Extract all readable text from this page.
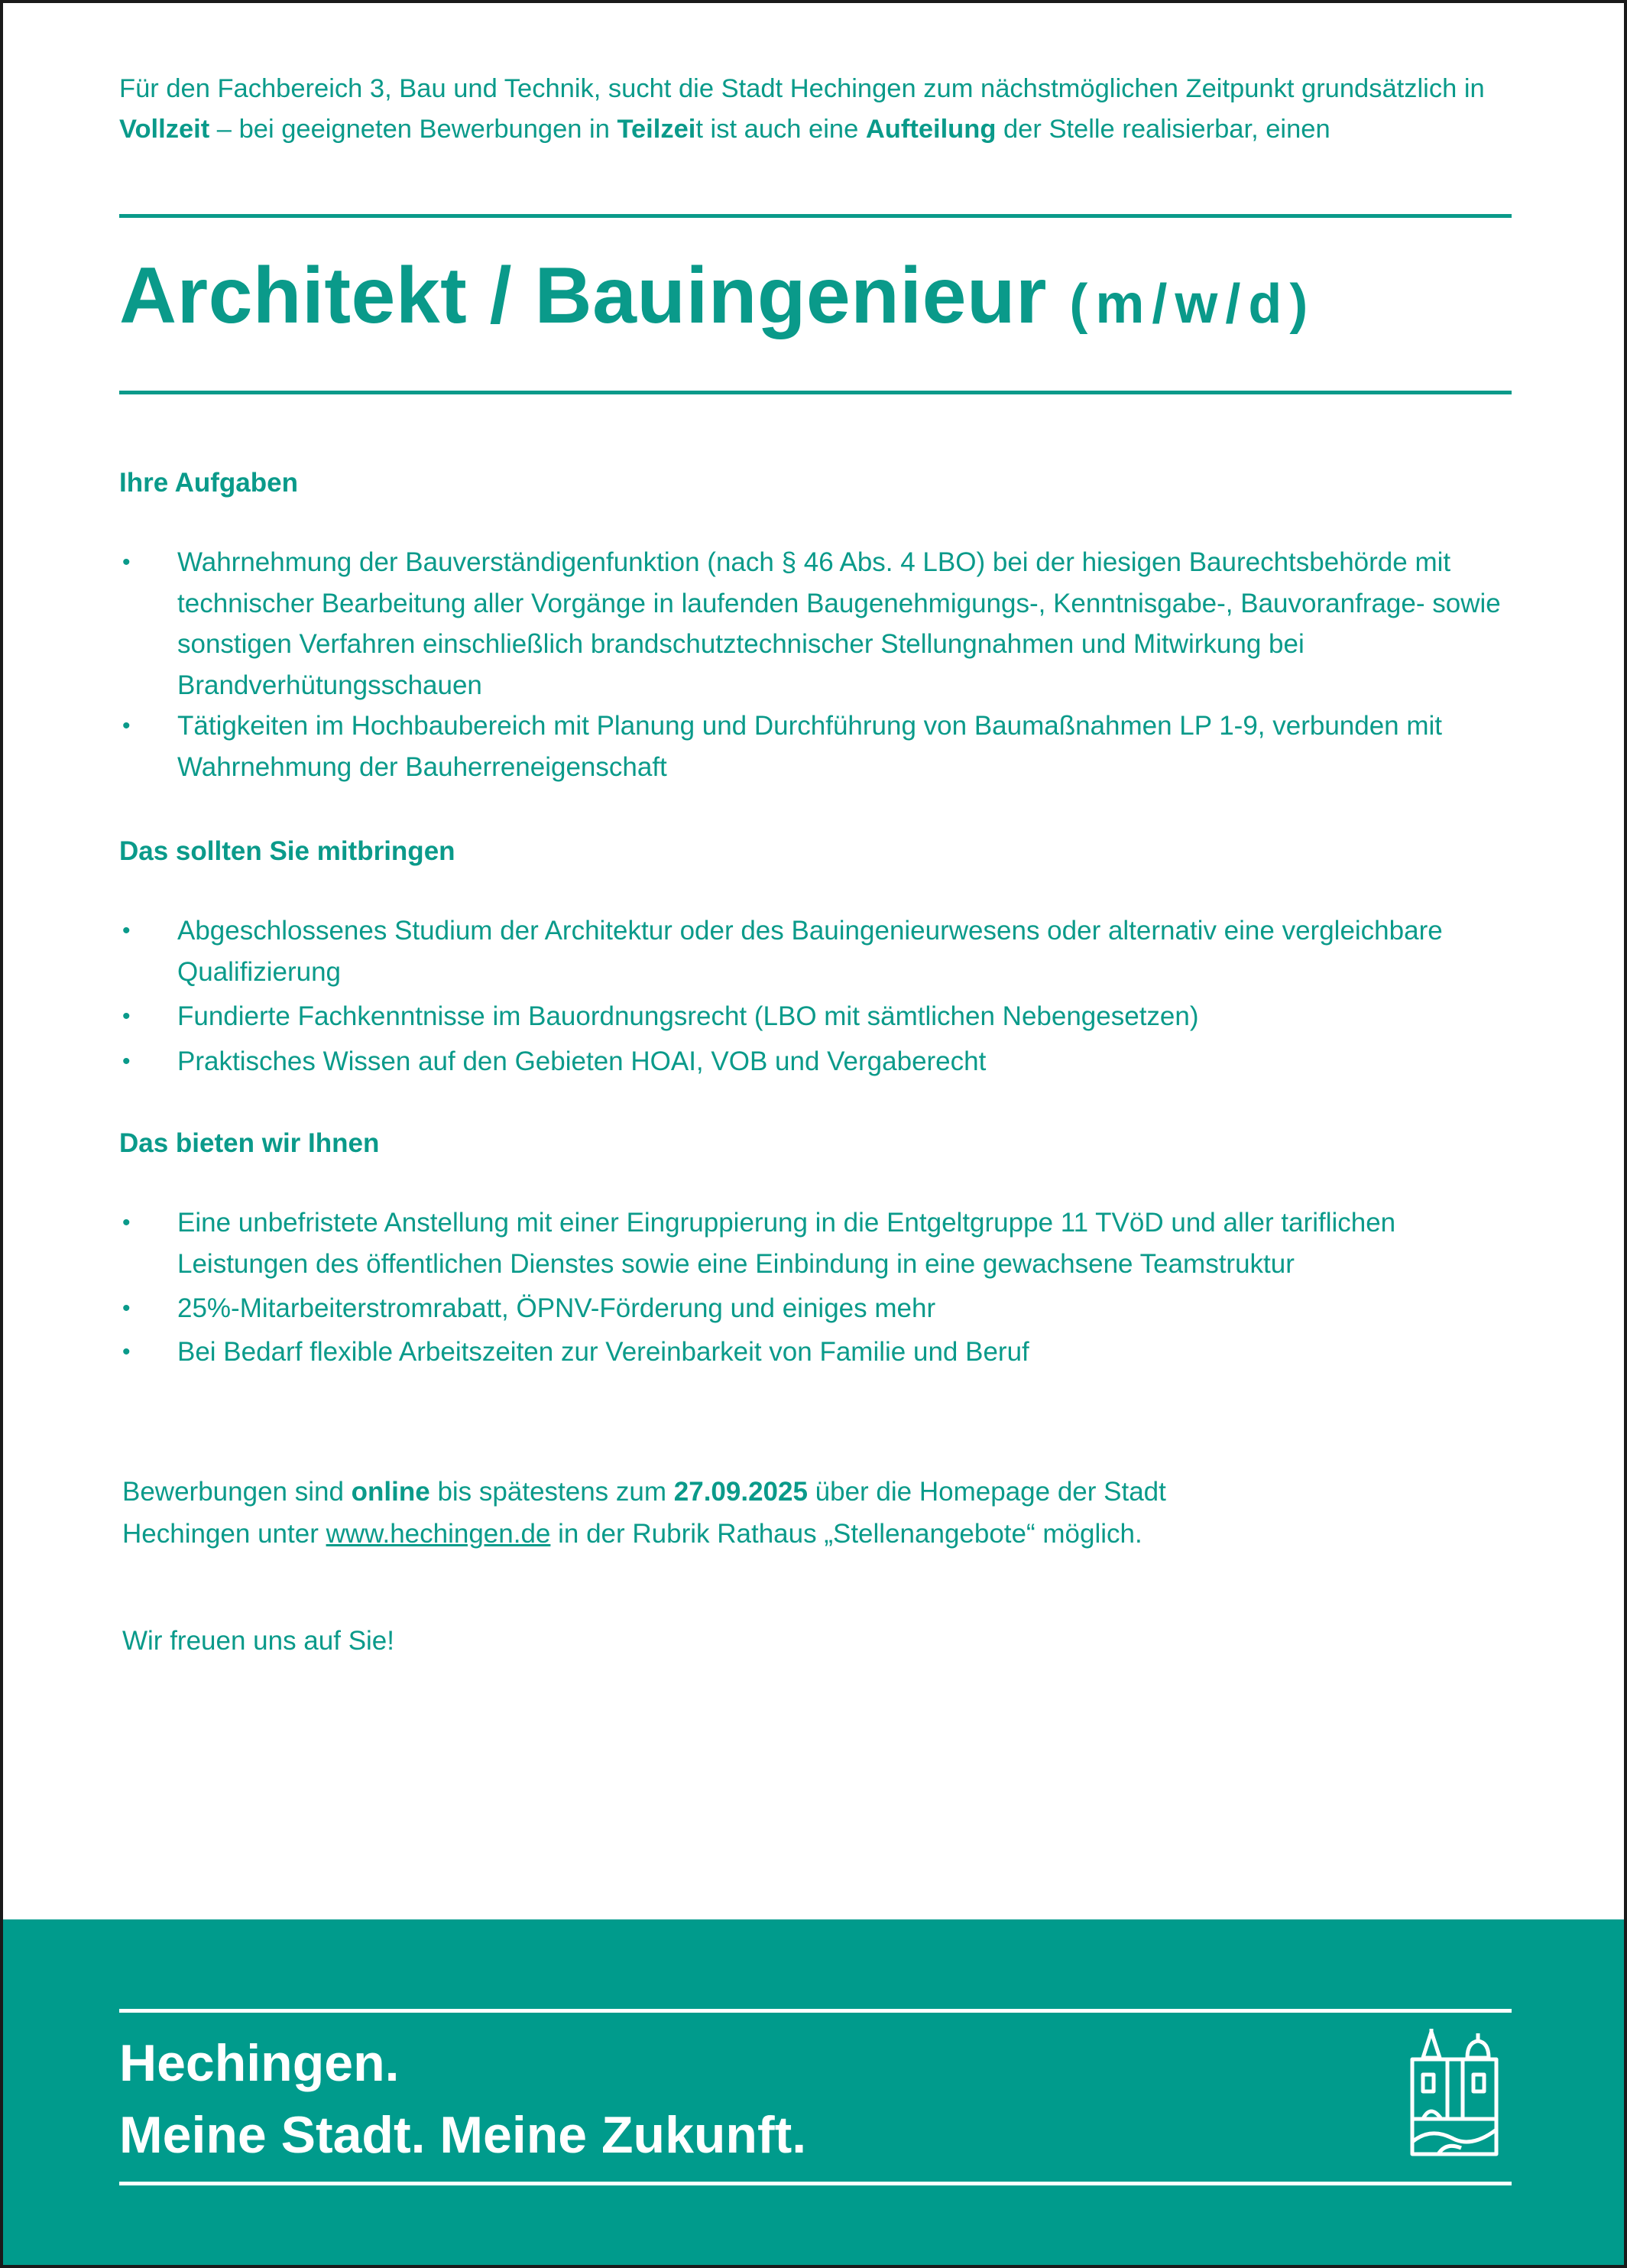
Für den Fachbereich 3, Bau und Technik, sucht die Stadt Hechingen zum nächstmöglichen Zeitpunkt grundsätzlich in Vollzeit – bei geeigneten Bewerbungen in Teilzeit ist auch eine Aufteilung der Stelle realisierbar, einen

Architekt / Bauingenieur (m/w/d)
Ihre Aufgaben
• Wahrnehmung der Bauverständigenfunktion (nach § 46 Abs. 4 LBO) bei der hiesigen Baurechtsbehörde mit technischer Bearbeitung aller Vorgänge in laufenden Baugenehmigungs-, Kenntnisgabe-, Bauvoranfrage- sowie sonstigen Verfahren einschließlich brandschutztechnischer Stellungnahmen und Mitwirkung bei Brandverhütungsschauen
• Tätigkeiten im Hochbaubereich mit Planung und Durchführung von Baumaßnahmen LP 1-9, verbunden mit Wahrnehmung der Bauherreneigenschaft
Das sollten Sie mitbringen
• Abgeschlossenes Studium der Architektur oder des Bauingenieurwesens oder alternativ eine vergleichbare Qualifizierung
• Fundierte Fachkenntnisse im Bauordnungsrecht (LBO mit sämtlichen Nebengesetzen)
• Praktisches Wissen auf den Gebieten HOAI, VOB und Vergaberecht
Das bieten wir Ihnen
• Eine unbefristete Anstellung mit einer Eingruppierung in die Entgeltgruppe 11 TVöD und aller tariflichen Leistungen des öffentlichen Dienstes sowie eine Einbindung in eine gewachsene Teamstruktur
• 25%-Mitarbeiterstromrabatt, ÖPNV-Förderung und einiges mehr
• Bei Bedarf flexible Arbeitszeiten zur Vereinbarkeit von Familie und Beruf
Bewerbungen sind online bis spätestens zum 27.09.2025 über die Homepage der Stadt
Hechingen unter www.hechingen.de in der Rubrik Rathaus „Stellenangebote“ möglich.
Wir freuen uns auf Sie!
Hechingen.
Meine Stadt. Meine Zukunft.
